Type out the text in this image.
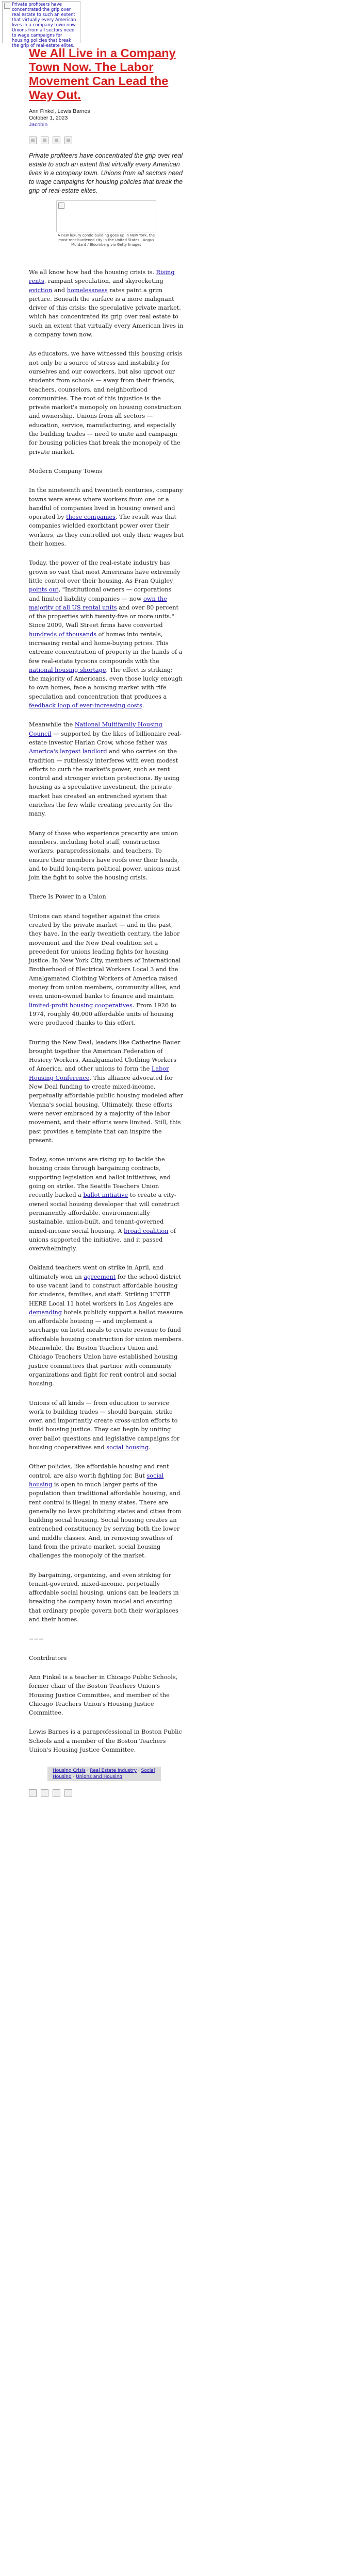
Private profiteers have concentrated the grip over real estate to such an extent that virtually every American lives in a company town now. Unions from all sectors need to wage campaigns for housing policies that break the grip of real-estate elites.
We All Live in a Company Town Now. The Labor Movement Can Lead the Way Out.
Ann Finkel, Lewis Barnes
October 1, 2023
Jacobin
Private profiteers have concentrated the grip over real estate to such an extent that virtually every American lives in a company town. Unions from all sectors need to wage campaigns for housing policies that break the grip of real-estate elites.
A new luxury condo building goes up in New York, the most-rent-burdened city in the United States., Angus Mordant / Bloomberg via Getty Images

We all know how bad the housing crisis is. Rising rents, rampant speculation, and skyrocketing eviction and homelessness rates paint a grim picture. Beneath the surface is a more malignant driver of this crisis: the speculative private market, which has concentrated its grip over real estate to such an extent that virtually every American lives in a company town now.

As educators, we have witnessed this housing crisis not only be a source of stress and instability for ourselves and our coworkers, but also uproot our students from schools — away from their friends, teachers, counselors, and neighborhood communities. The root of this injustice is the private market's monopoly on housing construction and ownership. Unions from all sectors — education, service, manufacturing, and especially the building trades — need to unite and campaign for housing policies that break the monopoly of the private market.

Modern Company Towns

In the nineteenth and twentieth centuries, company towns were areas where workers from one or a handful of companies lived in housing owned and operated by those companies. The result was that companies wielded exorbitant power over their workers, as they controlled not only their wages but their homes.

Today, the power of the real-estate industry has grown so vast that most Americans have extremely little control over their housing. As Fran Quigley points out, "Institutional owners — corporations and limited liability companies — now own the majority of all US rental units and over 80 percent of the properties with twenty-five or more units." Since 2009, Wall Street firms have converted hundreds of thousands of homes into rentals, increasing rental and home-buying prices. This extreme concentration of property in the hands of a few real-estate tycoons compounds with the national housing shortage. The effect is striking: the majority of Americans, even those lucky enough to own homes, face a housing market with rife speculation and concentration that produces a feedback loop of ever-increasing costs.

Meanwhile the National Multifamily Housing Council — supported by the likes of billionaire real-estate investor Harlan Crow, whose father was America's largest landlord and who carries on the tradition — ruthlessly interferes with even modest efforts to curb the market's power, such as rent control and stronger eviction protections. By using housing as a speculative investment, the private market has created an entrenched system that enriches the few while creating precarity for the many.

Many of those who experience precarity are union members, including hotel staff, construction workers, paraprofessionals, and teachers. To ensure their members have roofs over their heads, and to build long-term political power, unions must join the fight to solve the housing crisis.

There Is Power in a Union

Unions can stand together against the crisis created by the private market — and in the past, they have. In the early twentieth century, the labor movement and the New Deal coalition set a precedent for unions leading fights for housing justice. In New York City, members of International Brotherhood of Electrical Workers Local 3 and the Amalgamated Clothing Workers of America raised money from union members, community allies, and even union-owned banks to finance and maintain limited-profit housing cooperatives. From 1926 to 1974, roughly 40,000 affordable units of housing were produced thanks to this effort.

During the New Deal, leaders like Catherine Bauer brought together the American Federation of Hosiery Workers, Amalgamated Clothing Workers of America, and other unions to form the Labor Housing Conference. This alliance advocated for New Deal funding to create mixed-income, perpetually affordable public housing modeled after Vienna's social housing. Ultimately, these efforts were never embraced by a majority of the labor movement, and their efforts were limited. Still, this past provides a template that can inspire the present.

Today, some unions are rising up to tackle the housing crisis through bargaining contracts, supporting legislation and ballot initiatives, and going on strike. The Seattle Teachers Union recently backed a ballot initiative to create a city-owned social housing developer that will construct permanently affordable, environmentally sustainable, union-built, and tenant-governed mixed-income social housing. A broad coalition of unions supported the initiative, and it passed overwhelmingly.

Oakland teachers went on strike in April, and ultimately won an agreement for the school district to use vacant land to construct affordable housing for students, families, and staff. Striking UNITE HERE Local 11 hotel workers in Los Angeles are demanding hotels publicly support a ballot measure on affordable housing — and implement a surcharge on hotel meals to create revenue to fund affordable housing construction for union members. Meanwhile, the Boston Teachers Union and Chicago Teachers Union have established housing justice committees that partner with community organizations and fight for rent control and social housing.

Unions of all kinds — from education to service work to building trades — should bargain, strike over, and importantly create cross-union efforts to build housing justice. They can begin by uniting over ballot questions and legislative campaigns for housing cooperatives and social housing.

Other policies, like affordable housing and rent control, are also worth fighting for. But social housing is open to much larger parts of the population than traditional affordable housing, and rent control is illegal in many states. There are generally no laws prohibiting states and cities from building social housing. Social housing creates an entrenched constituency by serving both the lower and middle classes. And, in removing swathes of land from the private market, social housing challenges the monopoly of the market.

By bargaining, organizing, and even striking for tenant-governed, mixed-income, perpetually affordable social housing, unions can be leaders in breaking the company town model and ensuring that ordinary people govern both their workplaces and their homes.

===
Contributors

Ann Finkel is a teacher in Chicago Public Schools, former chair of the Boston Teachers Union's Housing Justice Committee, and member of the Chicago Teachers Union's Housing Justice Committee.

Lewis Barnes is a paraprofessional in Boston Public Schools and a member of the Boston Teachers Union's Housing Justice Committee.

Housing Crisis · Real Estate Industry · Social Housing · Unions and Housing
